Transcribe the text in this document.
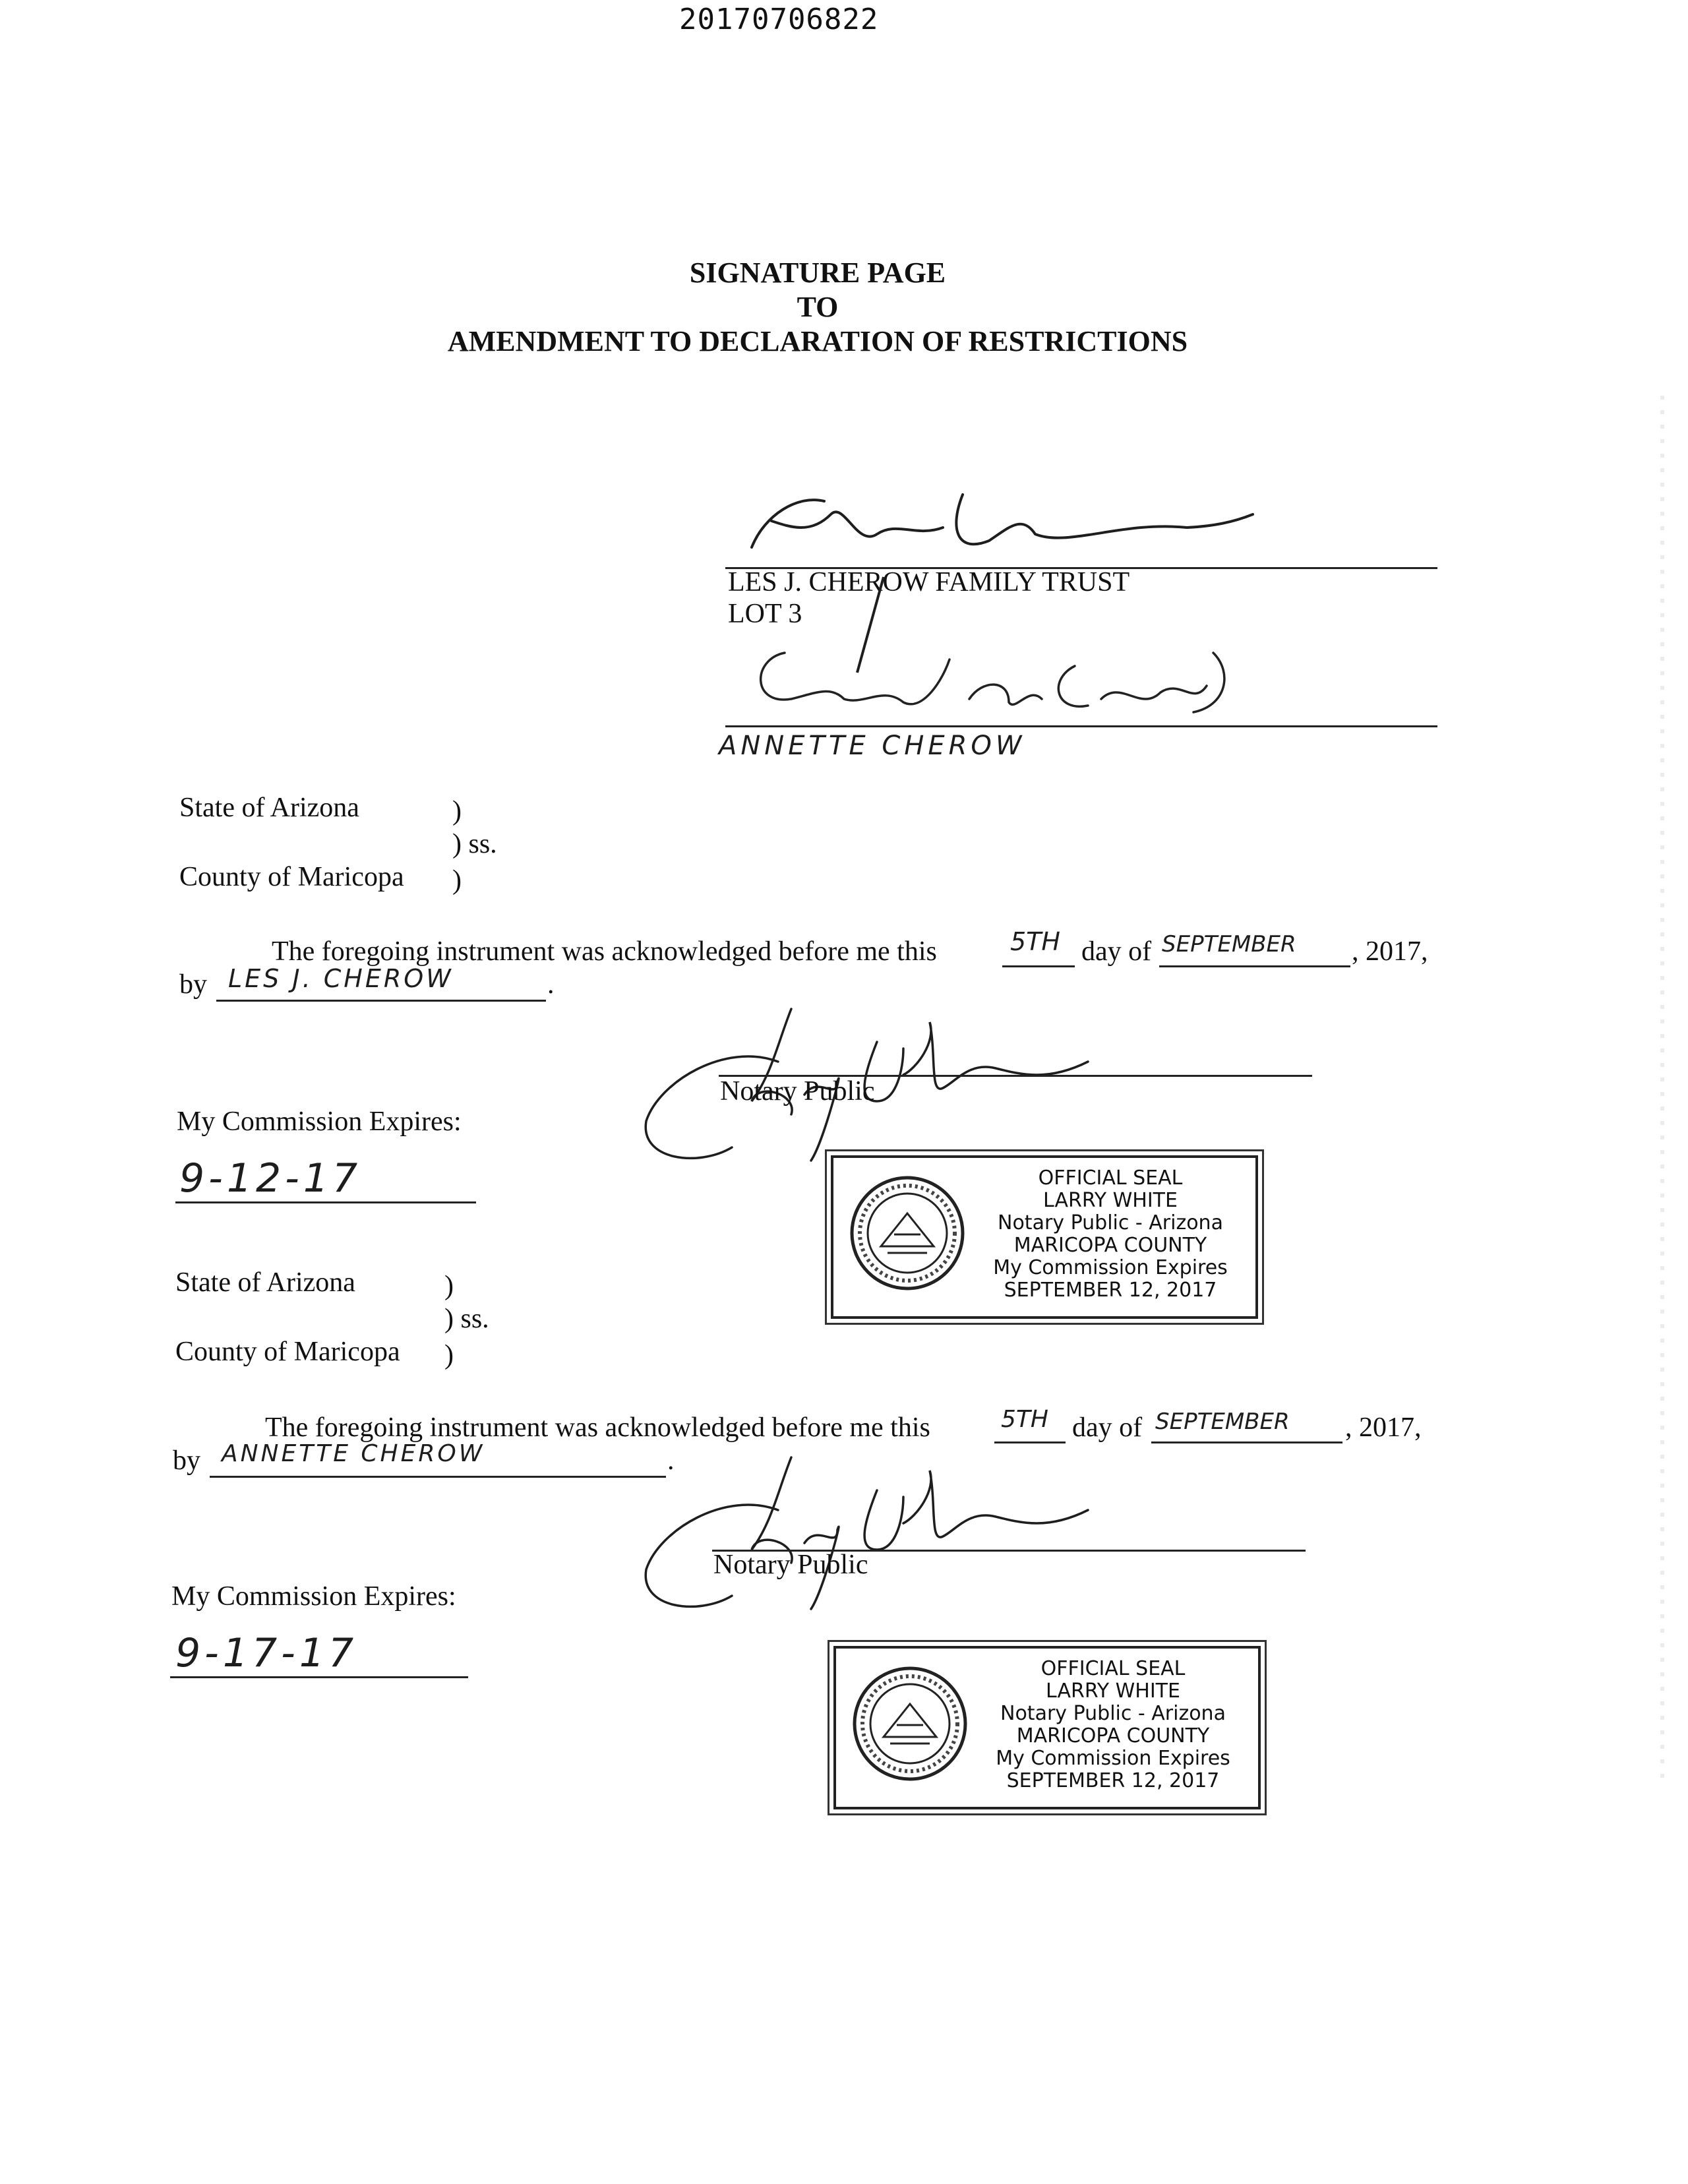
20170706822
SIGNATURE PAGE
TO
AMENDMENT TO DECLARATION OF RESTRICTIONS
LES J. CHEROW FAMILY TRUST
LOT 3
ANNETTE CHEROW
State of Arizona	)
) ss.
County of Maricopa )
The foregoing instrument was acknowledged before me this	5TH day of SEPTEMBER , 2017,
by LES J. CHEROW	.
Notary Public
My Commission Expires:
9-12-17	OFFICIAL SEAL
LARRY WHITE
Notary Public - Arizona
MARICOPA COUNTY
My Commission Expires
SEPTEMBER 12, 2017
State of Arizona	)
) ss.
County of Maricopa )
The foregoing instrument was acknowledged before me this	5TH day of SEPTEMBER , 2017,
by ANNETTE CHEROW	.
Notary Public
My Commission Expires:
9-17-17	OFFICIAL SEAL
LARRY WHITE
Notary Public - Arizona
MARICOPA COUNTY
My Commission Expires
SEPTEMBER 12, 2017
